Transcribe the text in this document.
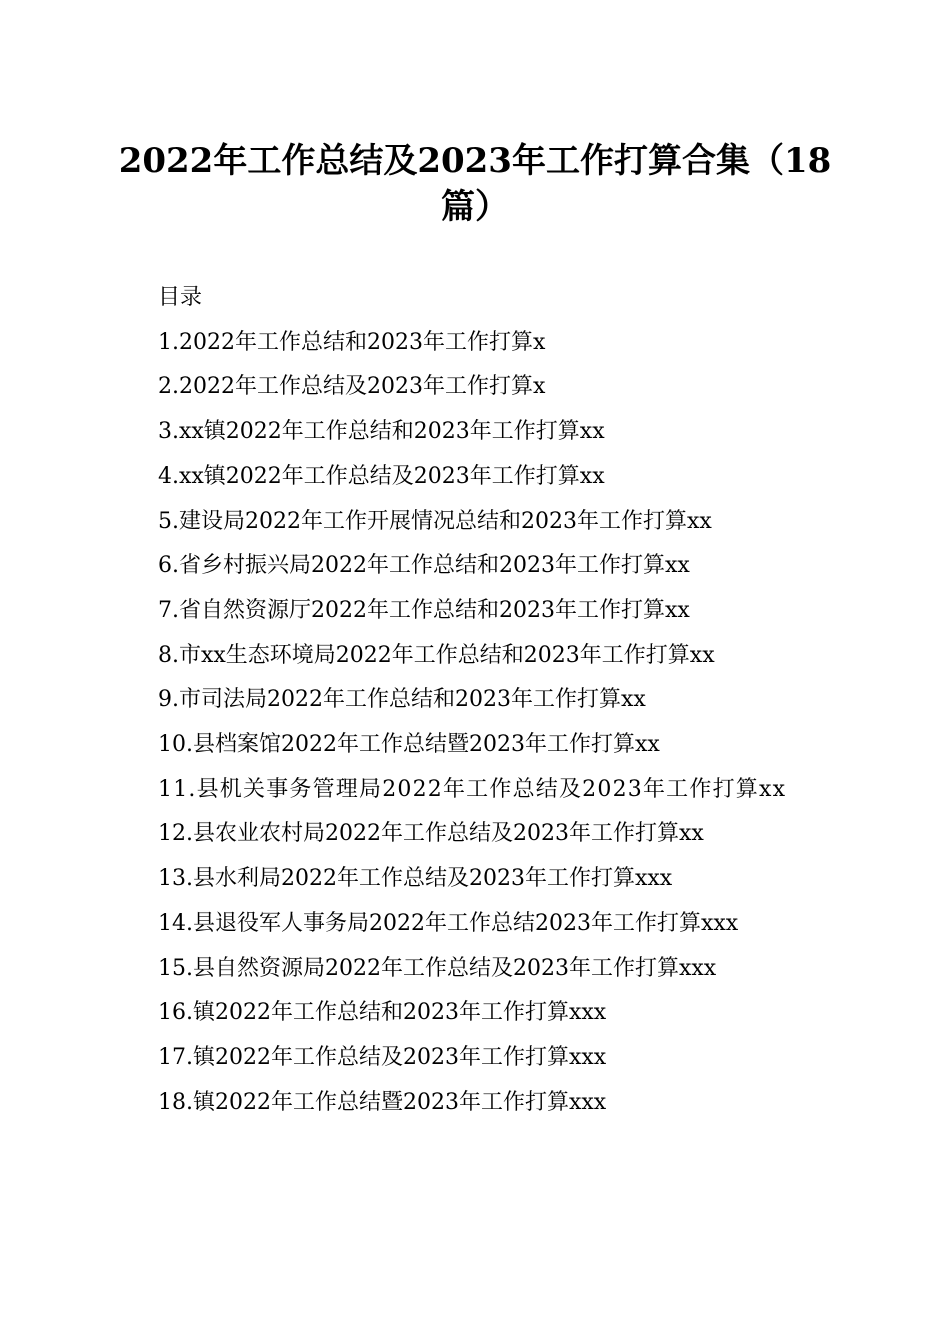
2022年工作总结及2023年工作打算合集（18篇）
目录
1.2022年工作总结和2023年工作打算x
2.2022年工作总结及2023年工作打算x
3.xx镇2022年工作总结和2023年工作打算xx
4.xx镇2022年工作总结及2023年工作打算xx
5.建设局2022年工作开展情况总结和2023年工作打算xx
6.省乡村振兴局2022年工作总结和2023年工作打算xx
7.省自然资源厅2022年工作总结和2023年工作打算xx
8.市xx生态环境局2022年工作总结和2023年工作打算xx
9.市司法局2022年工作总结和2023年工作打算xx
10.县档案馆2022年工作总结暨2023年工作打算xx
11.县机关事务管理局2022年工作总结及2023年工作打算xx
12.县农业农村局2022年工作总结及2023年工作打算xx
13.县水利局2022年工作总结及2023年工作打算xxx
14.县退役军人事务局2022年工作总结2023年工作打算xxx
15.县自然资源局2022年工作总结及2023年工作打算xxx
16.镇2022年工作总结和2023年工作打算xxx
17.镇2022年工作总结及2023年工作打算xxx
18.镇2022年工作总结暨2023年工作打算xxx
